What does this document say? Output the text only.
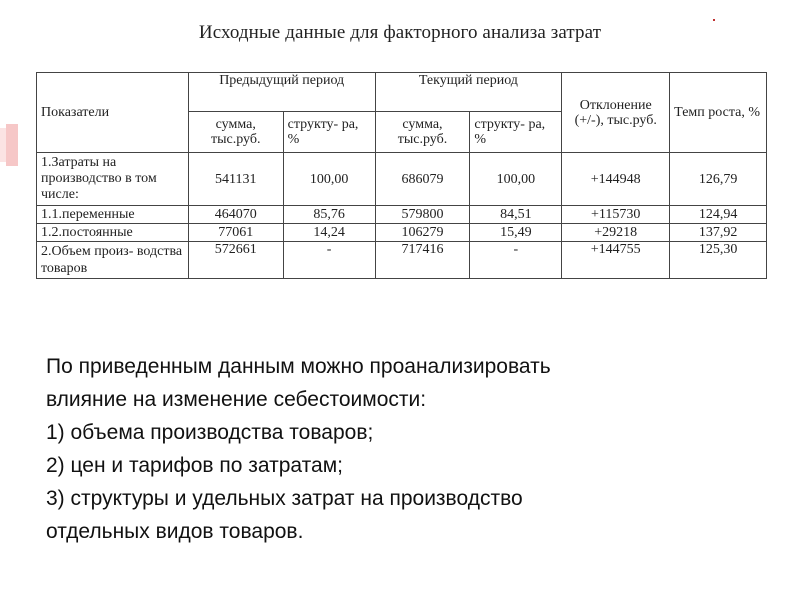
Исходные данные для факторного анализа затрат
Показатели	Предыдущий период		Текущий период		Отклонение (+/-), тыс.руб.	Темп роста, %
	сумма, тыс.руб.	структу- ра, %	сумма, тыс.руб.	структу- ра, %		
1.Затраты на производство в том числе:	541131	100,00	686079	100,00	+144948	126,79
1.1.переменные	464070	85,76	579800	84,51	+115730	124,94
1.2.постоянные	77061	14,24	106279	15,49	+29218	137,92
2.Объем произ- водства товаров	572661	-	717416	-	+144755	125,30
По приведенным данным можно проанализировать
влияние на изменение себестоимости:
1) объема производства товаров;
2) цен и тарифов по затратам;
3) структуры и удельных затрат на производство
отдельных видов товаров.
